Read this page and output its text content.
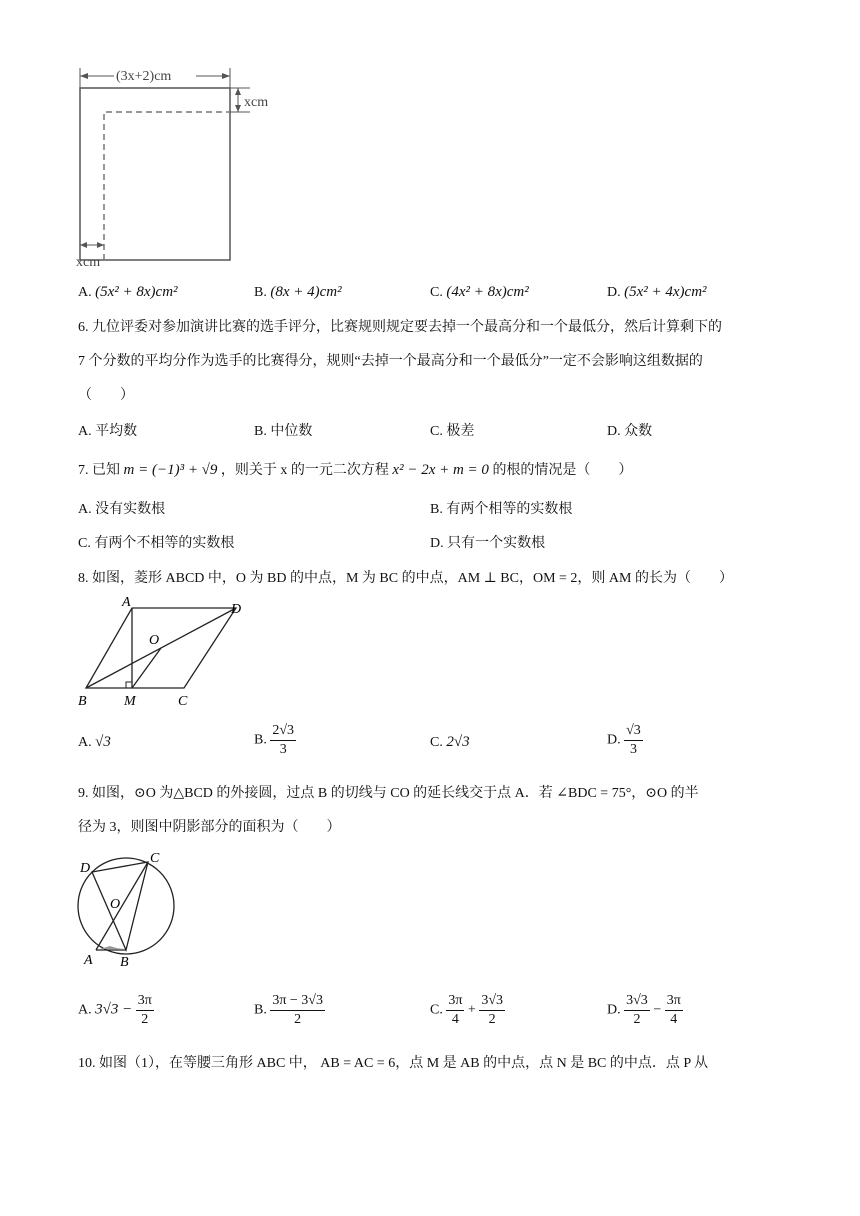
(3x+2)cm
xcm
xcm
A. (5x² + 8x)cm²	B. (8x + 4)cm²	C. (4x² + 8x)cm²	D. (5x² + 4x)cm²
6. 九位评委对参加演讲比赛的选手评分，比赛规则规定要去掉一个最高分和一个最低分，然后计算剩下的
7 个分数的平均分作为选手的比赛得分，规则“去掉一个最高分和一个最低分”一定不会影响这组数据的
（　　）
A. 平均数	B. 中位数	C. 极差	D. 众数
7. 已知 m = (−1)³ + √9 ，则关于 x 的一元二次方程 x² − 2x + m = 0 的根的情况是（　　）
A. 没有实数根	B. 有两个相等的实数根
C. 有两个不相等的实数根	D. 只有一个实数根
8. 如图，菱形 ABCD 中，O 为 BD 的中点，M 为 BC 的中点，AM ⊥ BC，OM = 2，则 AM 的长为（　　）
A	D
O
B	M	C
A. √3	B. $\frac{2√3}{3}$	C. 2√3	D. $\frac{√3}{3}$
9. 如图，⊙O 为△BCD 的外接圆，过点 B 的切线与 CO 的延长线交于点 A．若 ∠BDC = 75°，⊙O 的半
径为 3，则图中阴影部分的面积为（　　）
D
C
O
A B
A. $3√3 - \frac{3\pi}{2}$	B. $\frac{3\pi - 3√3}{2}$	C. $\frac{3\pi}{4} + \frac{3√3}{2}$	D. $\frac{3√3}{2} - \frac{3\pi}{4}$
10. 如图（1），在等腰三角形 ABC 中， AB = AC = 6，点 M 是 AB 的中点，点 N 是 BC 的中点．点 P 从
